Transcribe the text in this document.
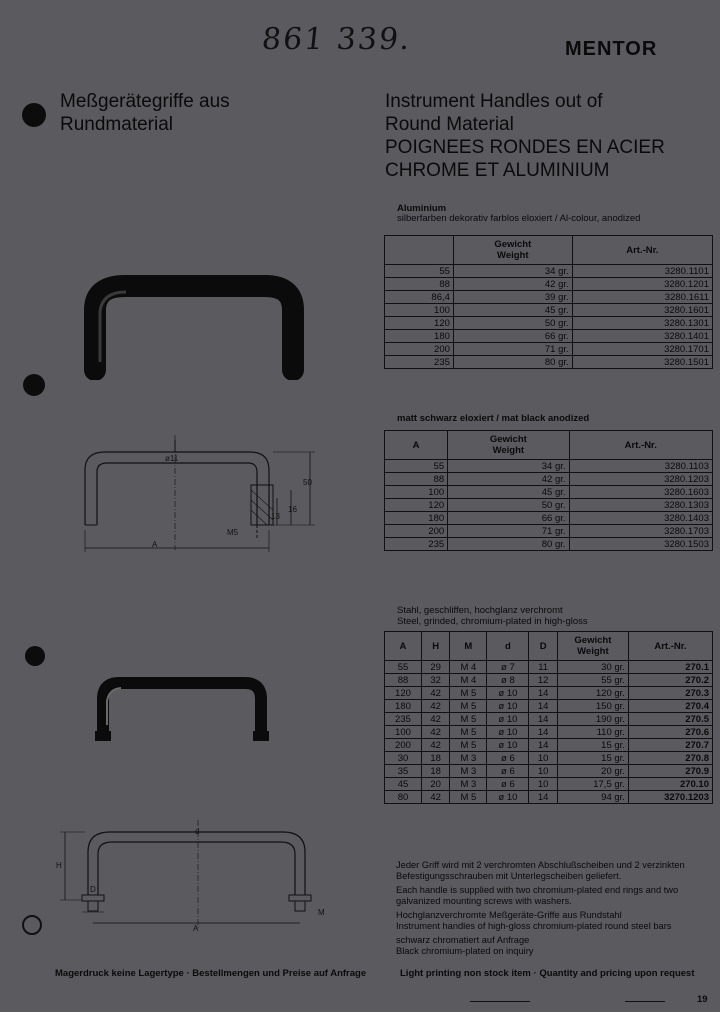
861 339.	MENTOR
Meßgerätegriffe aus
Rundmaterial
Instrument Handles out of
Round Material
POIGNEES RONDES EN ACIER
CHROME ET ALUMINIUM
Aluminium
silberfarben dekorativ farblos eloxiert / Al-colour, anodized
	Gewicht
Weight	Art.-Nr.
55	34 gr.	3280.1101
88	42 gr.	3280.1201
86,4	39 gr.	3280.1611
100	45 gr.	3280.1601
120	50 gr.	3280.1301
180	66 gr.	3280.1401
200	71 gr.	3280.1701
235	80 gr.	3280.1501
matt schwarz eloxiert / mat black anodized
A	Gewicht
Weight	Art.-Nr.
55	34 gr.	3280.1103
88	42 gr.	3280.1203
100	45 gr.	3280.1603
120	50 gr.	3280.1303
180	66 gr.	3280.1403
200	71 gr.	3280.1703
235	80 gr.	3280.1503
Stahl, geschliffen, hochglanz verchromt
Steel, grinded, chromium-plated in high-gloss
A	H	M	d	D	Gewicht
Weight	Art.-Nr.
55	29	M 4	ø 7	11	30 gr.	270.1
88	32	M 4	ø 8	12	55 gr.	270.2
120	42	M 5	ø 10	14	120 gr.	270.3
180	42	M 5	ø 10	14	150 gr.	270.4
235	42	M 5	ø 10	14	190 gr.	270.5
100	42	M 5	ø 10	14	110 gr.	270.6
200	42	M 5	ø 10	14	15 gr.	270.7
30	18	M 3	ø 6	10	15 gr.	270.8
35	18	M 3	ø 6	10	20 gr.	270.9
45	20	M 3	ø 6	10	17,5 gr.	270.10
80	42	M 5	ø 10	14	94 gr.	3270.1203
Jeder Griff wird mit 2 verchromten Abschlußscheiben und 2 verzinkten
Befestigungsschrauben mit Unterlegscheiben geliefert.
Each handle is supplied with two chromium-plated end rings and two
galvanized mounting screws with washers.
Hochglanzverchromte Meßgeräte-Griffe aus Rundstahl
Instrument handles of high-gloss chromium-plated round steel bars
schwarz chromatiert auf Anfrage
Black chromium-plated on inquiry
Magerdruck keine Lagertype · Bestellmengen und Preise auf Anfrage	Light printing non stock item · Quantity and pricing upon request
19
ø11
50
16
13
M5
A
d
H
D
M
A
